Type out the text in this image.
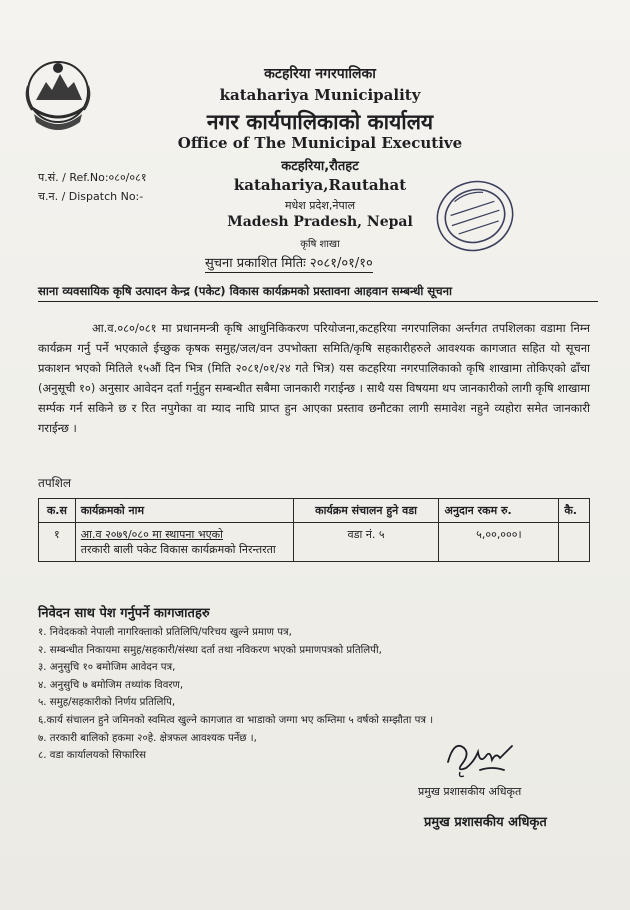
कटहरिया नगरपालिका
katahariya Municipality
नगर कार्यपालिकाको कार्यालय
Office of The Municipal Executive
कटहरिया,रौतहट
katahariya,Rautahat
मधेश प्रदेश,नेपाल
Madesh Pradesh, Nepal
कृषि शाखा
प.सं. / Ref.No:०८०/०८१
च.न. / Dispatch No:-
सुचना प्रकाशित मितिः २०८१/०१/१०
साना व्यवसायिक कृषि उत्पादन केन्द्र (पकेट) विकास कार्यक्रमको प्रस्तावना आहवान सम्बन्धी सूचना

आ.व.०८०/०८१ मा प्रधानमन्त्री कृषि आधुनिकिकरण परियोजना,कटहरिया नगरपालिका अर्न्तगत तपशिलका वडामा निम्न कार्यक्रम गर्नु पर्ने भएकाले ईच्छुक कृषक समुह/जल/वन उपभोक्ता समिति/कृषि सहकारीहरुले आवश्यक कागजात सहित यो सूचना प्रकाशन भएको मितिले १५औं दिन भित्र (मिति २०८१/०१/२४ गते भित्र) यस कटहरिया नगरपालिकाको कृषि शाखामा तोकिएको ढाँचा (अनुसूची १०) अनुसार आवेदन दर्ता गर्नुहुन सम्बन्धीत सबैमा जानकारी गराईन्छ । साथै यस विषयमा थप जानकारीको लागी कृषि शाखामा सर्म्पक गर्न सकिने छ र रित नपुगेका वा म्याद नाघि प्राप्त हुन आएका प्रस्ताव छनौटका लागी समावेश नहुने व्यहोरा समेत जानकारी गराईन्छ ।

तपशिल
क.स	कार्यक्रमको नाम	कार्यक्रम संचालन हुने वडा	अनुदान रकम रु.	कै.
१	आ.व २०७९/०८० मा स्थापना भएको
तरकारी बाली पकेट विकास कार्यक्रमको निरन्तरता	वडा नं. ५	५,००,०००।	
निवेदन साथ पेश गर्नुपर्ने कागजातहरु
१. निवेदकको नेपाली नागरिक्ताको प्रतिलिपि/परिचय खुल्ने प्रमाण पत्र,
२. सम्बन्धीत निकायमा समुह/सहकारी/संस्था दर्ता तथा नविकरण भएको प्रमाणपत्रको प्रतिलिपी,
३. अनुसुचि १० बमोजिम आवेदन पत्र,
४. अनुसुचि ७ बमोजिम तथ्यांक विवरण,
५. समुह/सहकारीको निर्णय प्रतिलिपि,
६.कार्य संचालन हुने जमिनको स्वमित्व खुल्ने कागजात वा भाडाको जग्गा भए कम्तिमा ५ वर्षको सम्झौता पत्र ।
७. तरकारी बालिको हकमा २०हे. क्षेत्रफल आवश्यक पर्नेछ ।,
८. वडा कार्यालयको सिफारिस
प्रमुख प्रशासकीय अधिकृत
प्रमुख प्रशासकीय अधिकृत
